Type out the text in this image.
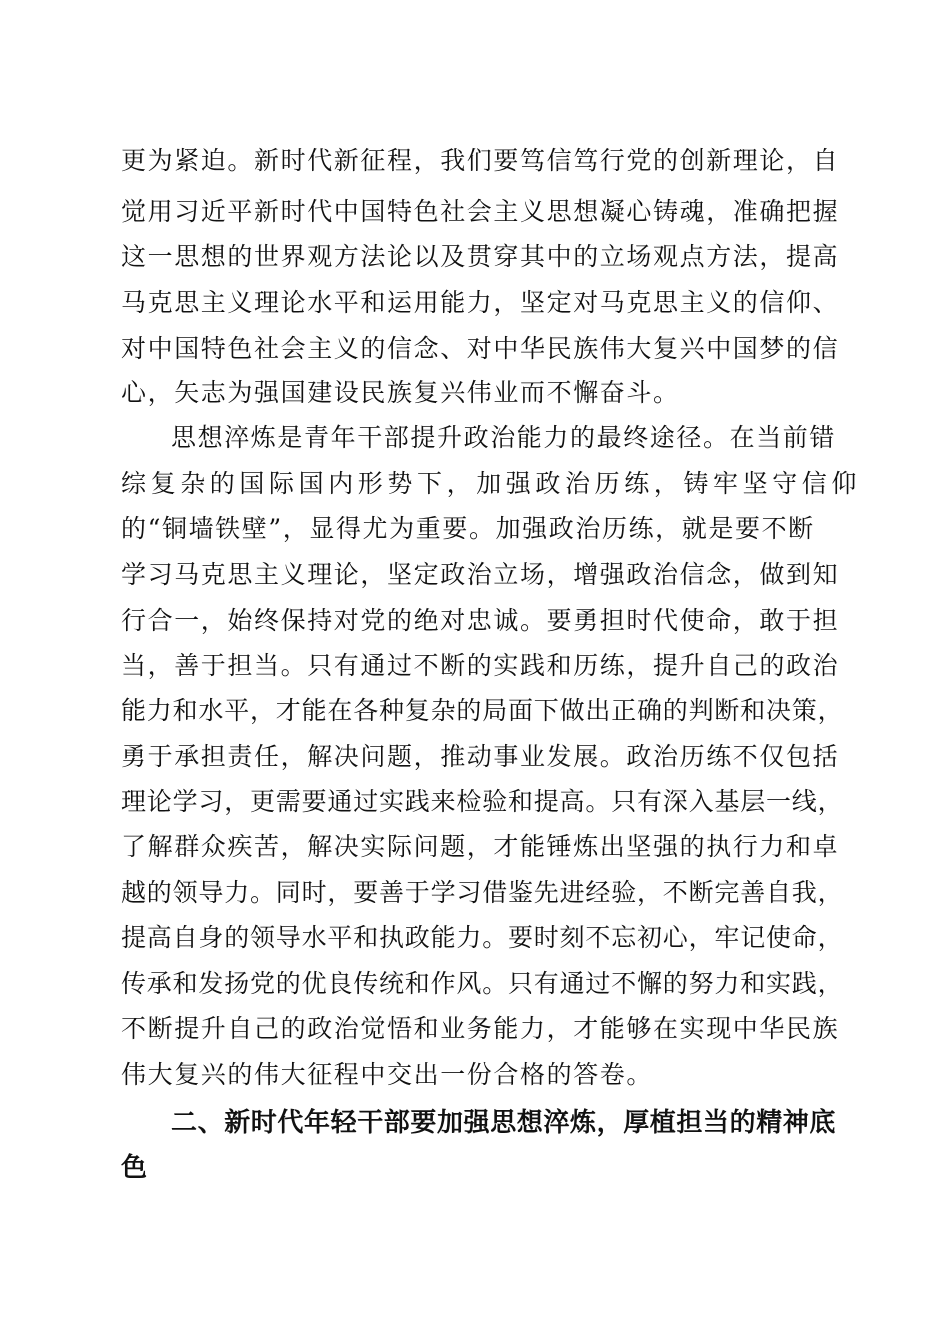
更为紧迫。新时代新征程，我们要笃信笃行党的创新理论，自
觉用习近平新时代中国特色社会主义思想凝心铸魂，准确把握
这一思想的世界观方法论以及贯穿其中的立场观点方法，提高
马克思主义理论水平和运用能力，坚定对马克思主义的信仰、
对中国特色社会主义的信念、对中华民族伟大复兴中国梦的信
心，矢志为强国建设民族复兴伟业而不懈奋斗。
思想淬炼是青年干部提升政治能力的最终途径。在当前错
综复杂的国际国内形势下，加强政治历练，铸牢坚守信仰
的“铜墙铁壁”，显得尤为重要。加强政治历练，就是要不断
学习马克思主义理论，坚定政治立场，增强政治信念，做到知
行合一，始终保持对党的绝对忠诚。要勇担时代使命，敢于担
当，善于担当。只有通过不断的实践和历练，提升自己的政治
能力和水平，才能在各种复杂的局面下做出正确的判断和决策，
勇于承担责任，解决问题，推动事业发展。政治历练不仅包括
理论学习，更需要通过实践来检验和提高。只有深入基层一线，
了解群众疾苦，解决实际问题，才能锤炼出坚强的执行力和卓
越的领导力。同时，要善于学习借鉴先进经验，不断完善自我，
提高自身的领导水平和执政能力。要时刻不忘初心，牢记使命，
传承和发扬党的优良传统和作风。只有通过不懈的努力和实践，
不断提升自己的政治觉悟和业务能力，才能够在实现中华民族
伟大复兴的伟大征程中交出一份合格的答卷。
二、新时代年轻干部要加强思想淬炼，厚植担当的精神底
色
